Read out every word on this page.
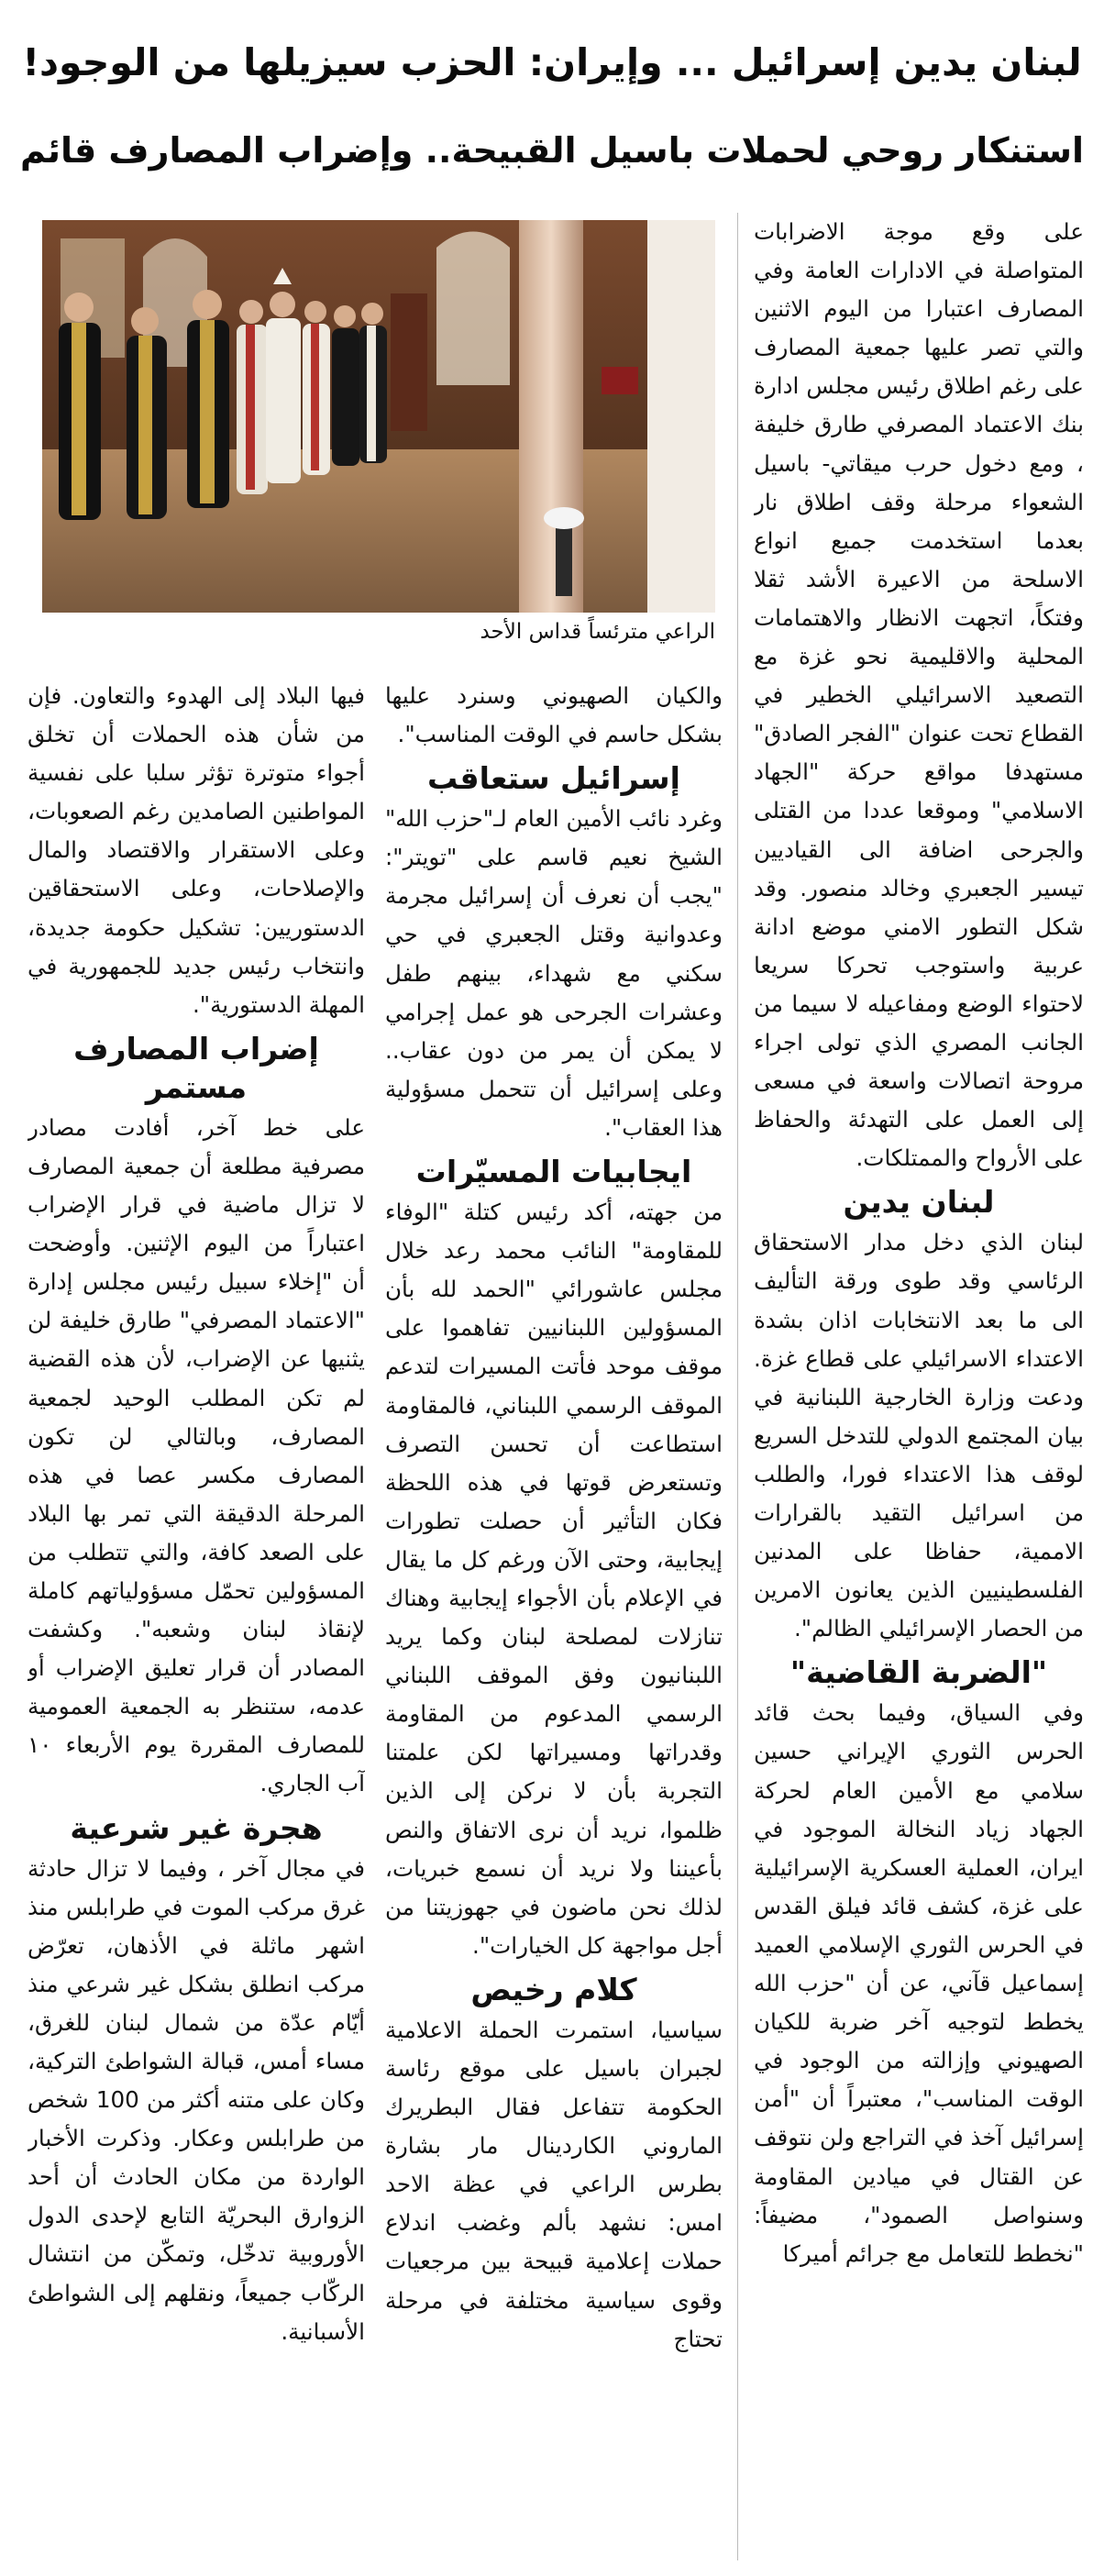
لبنان يدين إسرائيل ... وإيران: الحزب سيزيلها من الوجود!
استنكار روحي لحملات باسيل القبيحة.. وإضراب المصارف قائم
الراعي مترئساً قداس الأحد

على وقع موجة الاضرابات المتواصلة في الادارات العامة وفي المصارف اعتبارا من اليوم الاثنين والتي تصر عليها جمعية المصارف على رغم اطلاق رئيس مجلس ادارة بنك الاعتماد المصرفي طارق خليفة ، ومع دخول حرب ميقاتي- باسيل الشعواء مرحلة وقف اطلاق نار بعدما استخدمت جميع انواع الاسلحة من الاعيرة الأشد ثقلا وفتكاً، اتجهت الانظار والاهتمامات المحلية والاقليمية نحو غزة مع التصعيد الاسرائيلي الخطير في القطاع تحت عنوان "الفجر الصادق" مستهدفا مواقع حركة "الجهاد الاسلامي" وموقعا عددا من القتلى والجرحى اضافة الى القياديين تيسير الجعبري وخالد منصور. وقد شكل التطور الامني موضع ادانة عربية واستوجب تحركا سريعا لاحتواء الوضع ومفاعيله لا سيما من الجانب المصري الذي تولى اجراء مروحة اتصالات واسعة في مسعى إلى العمل على التهدئة والحفاظ على الأرواح والممتلكات.

لبنان يدين

لبنان الذي دخل مدار الاستحقاق الرئاسي وقد طوى ورقة التأليف الى ما بعد الانتخابات اذان بشدة الاعتداء الاسرائيلي على قطاع غزة. ودعت وزارة الخارجية اللبنانية في بيان المجتمع الدولي للتدخل السريع لوقف هذا الاعتداء فورا، والطلب من اسرائيل التقيد بالقرارات الاممية، حفاظا على المدنين الفلسطينيين الذين يعانون الامرين من الحصار الإسرائيلي الظالم".

"الضربة القاضية"

وفي السياق، وفيما بحث قائد الحرس الثوري الإيراني حسين سلامي مع الأمين العام لحركة الجهاد زياد النخالة الموجود في ايران، العملية العسكرية الإسرائيلية على غزة، كشف قائد فيلق القدس في الحرس الثوري الإسلامي العميد إسماعيل قآني، عن أن "حزب الله يخطط لتوجيه آخر ضربة للكيان الصهيوني وإزالته من الوجود في الوقت المناسب"، معتبراً أن "أمن إسرائيل آخذ في التراجع ولن نتوقف عن القتال في ميادين المقاومة وسنواصل الصمود"، مضيفاً: "نخطط للتعامل مع جرائم أميركا

والكيان الصهيوني وسنرد عليها بشكل حاسم في الوقت المناسب".

إسرائيل ستعاقب

وغرد نائب الأمين العام لـ"حزب الله" الشيخ نعيم قاسم على "تويتر": "يجب أن نعرف أن إسرائيل مجرمة وعدوانية وقتل الجعبري في حي سكني مع شهداء، بينهم طفل وعشرات الجرحى هو عمل إجرامي لا يمكن أن يمر من دون عقاب.. وعلى إسرائيل أن تتحمل مسؤولية هذا العقاب".

ايجابيات المسيّرات

من جهته، أكد رئيس كتلة "الوفاء للمقاومة" النائب محمد رعد خلال مجلس عاشورائي "الحمد لله بأن المسؤولين اللبنانيين تفاهموا على موقف موحد فأتت المسيرات لتدعم الموقف الرسمي اللبناني، فالمقاومة استطاعت أن تحسن التصرف وتستعرض قوتها في هذه اللحظة فكان التأثير أن حصلت تطورات إيجابية، وحتى الآن ورغم كل ما يقال في الإعلام بأن الأجواء إيجابية وهناك تنازلات لمصلحة لبنان وكما يريد اللبنانيون وفق الموقف اللبناني الرسمي المدعوم من المقاومة وقدراتها ومسيراتها لكن علمتنا التجربة بأن لا نركن إلى الذين ظلموا، نريد أن نرى الاتفاق والنص بأعيننا ولا نريد أن نسمع خبريات، لذلك نحن ماضون في جهوزيتنا من أجل مواجهة كل الخيارات".

كلام رخيص

سياسيا، استمرت الحملة الاعلامية لجبران باسيل على موقع رئاسة الحكومة تتفاعل فقال البطريرك الماروني الكاردينال مار بشارة بطرس الراعي في عظة الاحد امس: نشهد بألم وغضب اندلاع حملات إعلامية قبيحة بين مرجعيات وقوى سياسية مختلفة في مرحلة تحتاج

فيها البلاد إلى الهدوء والتعاون. فإن من شأن هذه الحملات أن تخلق أجواء متوترة تؤثر سلبا على نفسية المواطنين الصامدين رغم الصعوبات، وعلى الاستقرار والاقتصاد والمال والإصلاحات، وعلى الاستحقاقين الدستوريين: تشكيل حكومة جديدة، وانتخاب رئيس جديد للجمهورية في المهلة الدستورية".

إضراب المصارف مستمر

على خط آخر، أفادت مصادر مصرفية مطلعة أن جمعية المصارف لا تزال ماضية في قرار الإضراب اعتباراً من اليوم الإثنين. وأوضحت أن "إخلاء سبيل رئيس مجلس إدارة "الاعتماد المصرفي" طارق خليفة لن يثنيها عن الإضراب، لأن هذه القضية لم تكن المطلب الوحيد لجمعية المصارف، وبالتالي لن تكون المصارف مكسر عصا في هذه المرحلة الدقيقة التي تمر بها البلاد على الصعد كافة، والتي تتطلب من المسؤولين تحمّل مسؤولياتهم كاملة لإنقاذ لبنان وشعبه". وكشفت المصادر أن قرار تعليق الإضراب أو عدمه، ستنظر به الجمعية العمومية للمصارف المقررة يوم الأربعاء ١٠ آب الجاري.

هجرة غير شرعية

في مجال آخر ، وفيما لا تزال حادثة غرق مركب الموت في طرابلس منذ اشهر ماثلة في الأذهان، تعرّض مركب انطلق بشكل غير شرعي منذ أيّام عدّة من شمال لبنان للغرق، مساء أمس، قبالة الشواطئ التركية، وكان على متنه أكثر من 100 شخص من طرابلس وعكار. وذكرت الأخبار الواردة من مكان الحادث أن أحد الزوارق البحريّة التابع لإحدى الدول الأوروبية تدخّل، وتمكّن من انتشال الركّاب جميعاً، ونقلهم إلى الشواطئ الأسبانية.
